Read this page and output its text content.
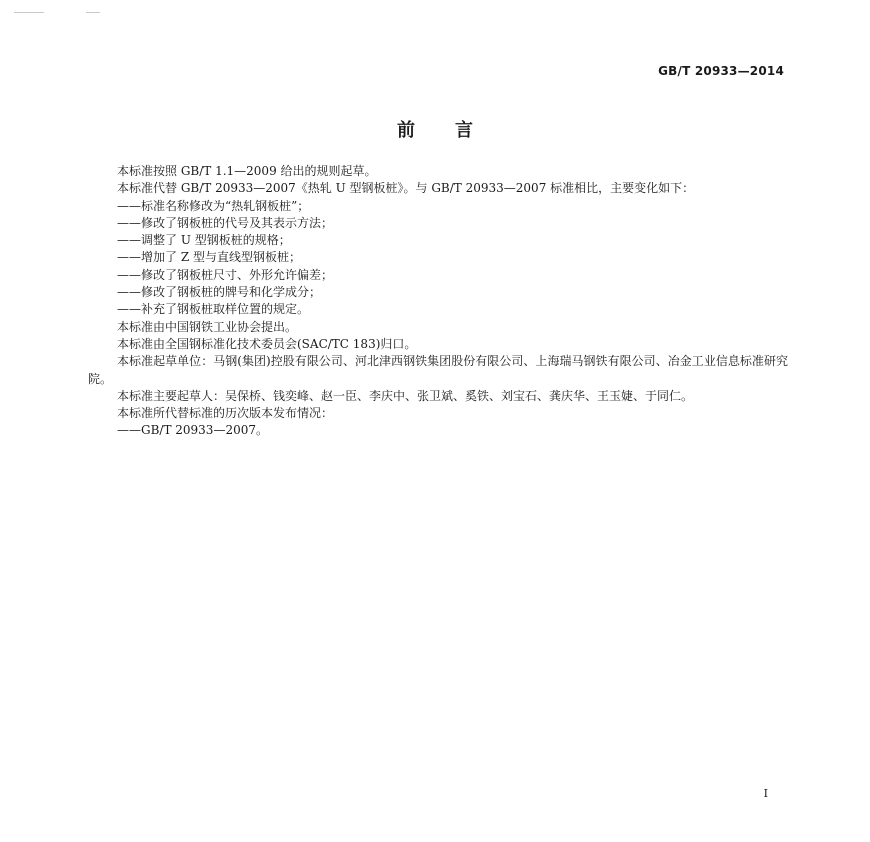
GB/T 20933—2014
前言

本标准按照 GB/T 1.1—2009 给出的规则起草。

本标准代替 GB/T 20933—2007《热轧 U 型钢板桩》。与 GB/T 20933—2007 标准相比，主要变化如下：

——标准名称修改为“热轧钢板桩”；

——修改了钢板桩的代号及其表示方法；

——调整了 U 型钢板桩的规格；

——增加了 Z 型与直线型钢板桩；

——修改了钢板桩尺寸、外形允许偏差；

——修改了钢板桩的牌号和化学成分；

——补充了钢板桩取样位置的规定。

本标准由中国钢铁工业协会提出。

本标准由全国钢标准化技术委员会(SAC/TC 183)归口。

本标准起草单位：马钢(集团)控股有限公司、河北津西钢铁集团股份有限公司、上海瑞马钢铁有限公司、冶金工业信息标准研究院。

本标准主要起草人：吴保桥、钱奕峰、赵一臣、李庆中、张卫斌、奚铁、刘宝石、龚庆华、王玉婕、于同仁。

本标准所代替标准的历次版本发布情况：

——GB/T 20933—2007。

I
